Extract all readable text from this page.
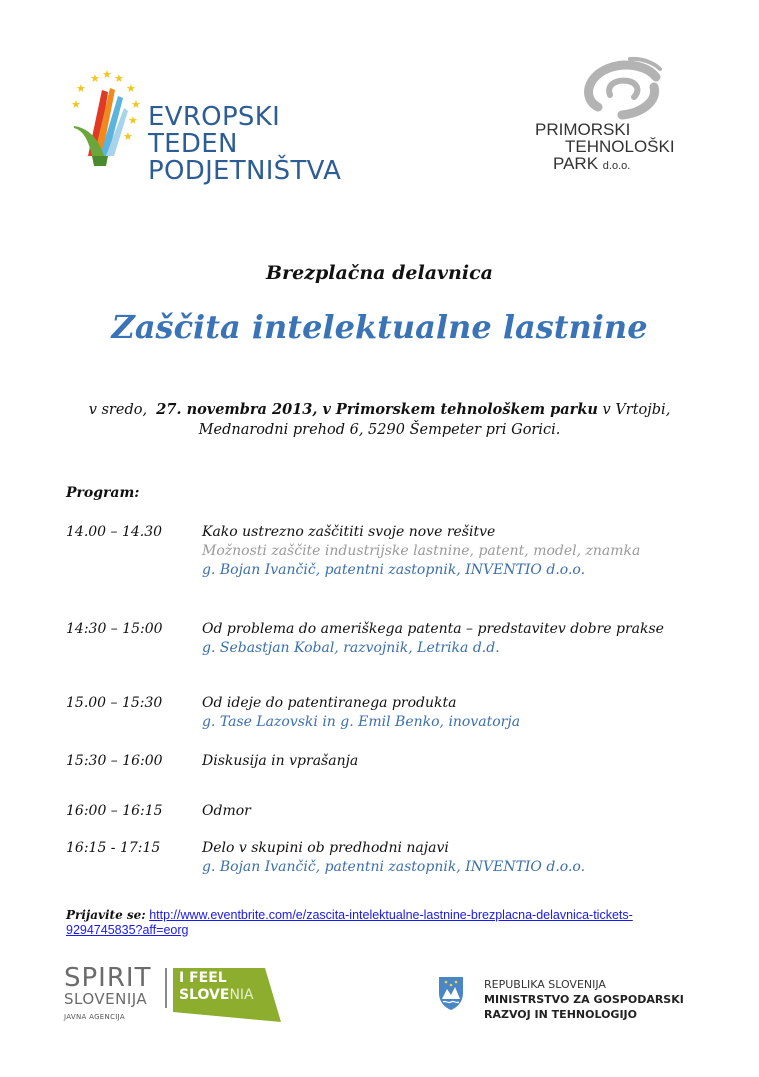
★ ★ ★
★	★
★	★
★
★
EVROPSKI TEDEN
PODJETNIŠTVA
PRIMORSKI
TEHNOLOŠKI
PARK d.o.o.
Brezplačna delavnica
Zaščita intelektualne lastnine
v sredo, 27. novembra 2013, v Primorskem tehnološkem parku v Vrtojbi,
Mednarodni prehod 6, 5290 Šempeter pri Gorici.
Program:
14.00 – 14.30	Kako ustrezno zaščititi svoje nove rešitve
Možnosti zaščite industrijske lastnine, patent, model, znamka
g. Bojan Ivančič, patentni zastopnik, INVENTIO d.o.o.
14:30 – 15:00	Od problema do ameriškega patenta – predstavitev dobre prakse
g. Sebastjan Kobal, razvojnik, Letrika d.d.
15.00 – 15:30	Od ideje do patentiranega produkta
g. Tase Lazovski in g. Emil Benko, inovatorja
15:30 – 16:00	Diskusija in vprašanja
16:00 – 16:15	Odmor
16:15 - 17:15	Delo v skupini ob predhodni najavi
g. Bojan Ivančič, patentni zastopnik, INVENTIO d.o.o.
Prijavite se: http://www.eventbrite.com/e/zascita-intelektualne-lastnine-brezplacna-delavnica-tickets-
9294745835?aff=eorg
SPIRIT
SLOVENIJA
JAVNA AGENCIJA
I FEEL
SLOVENIA
REPUBLIKA SLOVENIJA
MINISTRSTVO ZA GOSPODARSKI
RAZVOJ IN TEHNOLOGIJO
